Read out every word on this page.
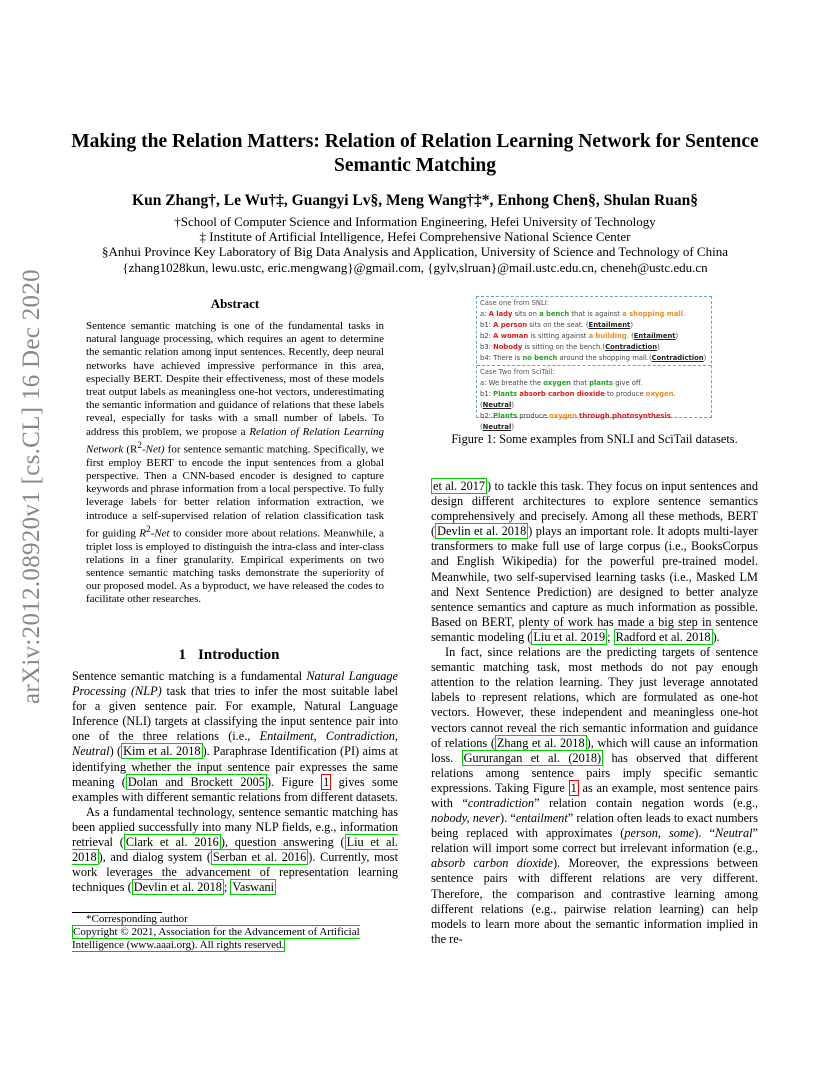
arXiv:2012.08920v1 [cs.CL] 16 Dec 2020
Making the Relation Matters: Relation of Relation Learning Network for Sentence Semantic Matching
Kun Zhang†, Le Wu†‡, Guangyi Lv§, Meng Wang†‡*, Enhong Chen§, Shulan Ruan§
†School of Computer Science and Information Engineering, Hefei University of Technology
‡ Institute of Artificial Intelligence, Hefei Comprehensive National Science Center
§Anhui Province Key Laboratory of Big Data Analysis and Application, University of Science and Technology of China
{zhang1028kun, lewu.ustc, eric.mengwang}@gmail.com, {gylv,slruan}@mail.ustc.edu.cn, cheneh@ustc.edu.cn
Abstract
Sentence semantic matching is one of the fundamental tasks in natural language processing, which requires an agent to determine the semantic relation among input sentences. Recently, deep neural networks have achieved impressive performance in this area, especially BERT. Despite their effectiveness, most of these models treat output labels as meaningless one-hot vectors, underestimating the semantic information and guidance of relations that these labels reveal, especially for tasks with a small number of labels. To address this problem, we propose a Relation of Relation Learning Network $(R^2-Net)$ for sentence semantic matching. Specifically, we first employ BERT to encode the input sentences from a global perspective. Then a CNN-based encoder is designed to capture keywords and phrase information from a local perspective. To fully leverage labels for better relation information extraction, we introduce a self-supervised relation of relation classification task for guiding $R^2$-Net to consider more about relations. Meanwhile, a triplet loss is employed to distinguish the intra-class and inter-class relations in a finer granularity. Empirical experiments on two sentence semantic matching tasks demonstrate the superiority of our proposed model. As a byproduct, we have released the codes to facilitate other researches.
1 Introduction

Sentence semantic matching is a fundamental Natural Language Processing (NLP) task that tries to infer the most suitable label for a given sentence pair. For example, Natural Language Inference (NLI) targets at classifying the input sentence pair into one of the three relations (i.e., Entailment, Contradiction, Neutral) ( Kim et al. 2018 ). Paraphrase Identification (PI) aims at identifying whether the input sentence pair expresses the same meaning ( Dolan and Brockett 2005 ). Figure 1 gives some examples with different semantic relations from different datasets.

As a fundamental technology, sentence semantic matching has been applied successfully into many NLP fields, e.g., information retrieval ( Clark et al. 2016 ), question answering ( Liu et al. 2018 ), and dialog system ( Serban et al. 2016 ). Currently, most work leverages the advancement of representation learning techniques ( Devlin et al. 2018 ; Vaswani

*Corresponding author
Copyright © 2021, Association for the Advancement of Artificial Intelligence (www.aaai.org). All rights reserved.
Case one from SNLI:
a: A lady sits on a bench that is against a shopping mall.
b1: A person sits on the seat. (Entailment)
b2: A woman is sitting against a building. (Entailment)
b3: Nobody is sitting on the bench.(Contradiction)
b4: There is no bench around the shopping mall.(Contradiction)
Case Two from SciTail:
a: We breathe the oxygen that plants give off.
b1: Plants absorb carbon dioxide to produce oxygen. (Neutral)
b2: Plants produce oxygen through photosynthesis. (Neutral)
Figure 1: Some examples from SNLI and SciTail datasets.

et al. 2017 ) to tackle this task. They focus on input sentences and design different architectures to explore sentence semantics comprehensively and precisely. Among all these methods, BERT ( Devlin et al. 2018 ) plays an important role. It adopts multi-layer transformers to make full use of large corpus (i.e., BooksCorpus and English Wikipedia) for the powerful pre-trained model. Meanwhile, two self-supervised learning tasks (i.e., Masked LM and Next Sentence Prediction) are designed to better analyze sentence semantics and capture as much information as possible. Based on BERT, plenty of work has made a big step in sentence semantic modeling ( Liu et al. 2019 ; Radford et al. 2018 ).

In fact, since relations are the predicting targets of sentence semantic matching task, most methods do not pay enough attention to the relation learning. They just leverage annotated labels to represent relations, which are formulated as one-hot vectors. However, these independent and meaningless one-hot vectors cannot reveal the rich semantic information and guidance of relations ( Zhang et al. 2018 ), which will cause an information loss. Gururangan et al. (2018) has observed that different relations among sentence pairs imply specific semantic expressions. Taking Figure 1 as an example, most sentence pairs with “contradiction” relation contain negation words (e.g., nobody, never). “entailment” relation often leads to exact numbers being replaced with approximates (person, some). “Neutral” relation will import some correct but irrelevant information (e.g., absorb carbon dioxide). Moreover, the expressions between sentence pairs with different relations are very different. Therefore, the comparison and contrastive learning among different relations (e.g., pairwise relation learning) can help models to learn more about the semantic information implied in the re-
